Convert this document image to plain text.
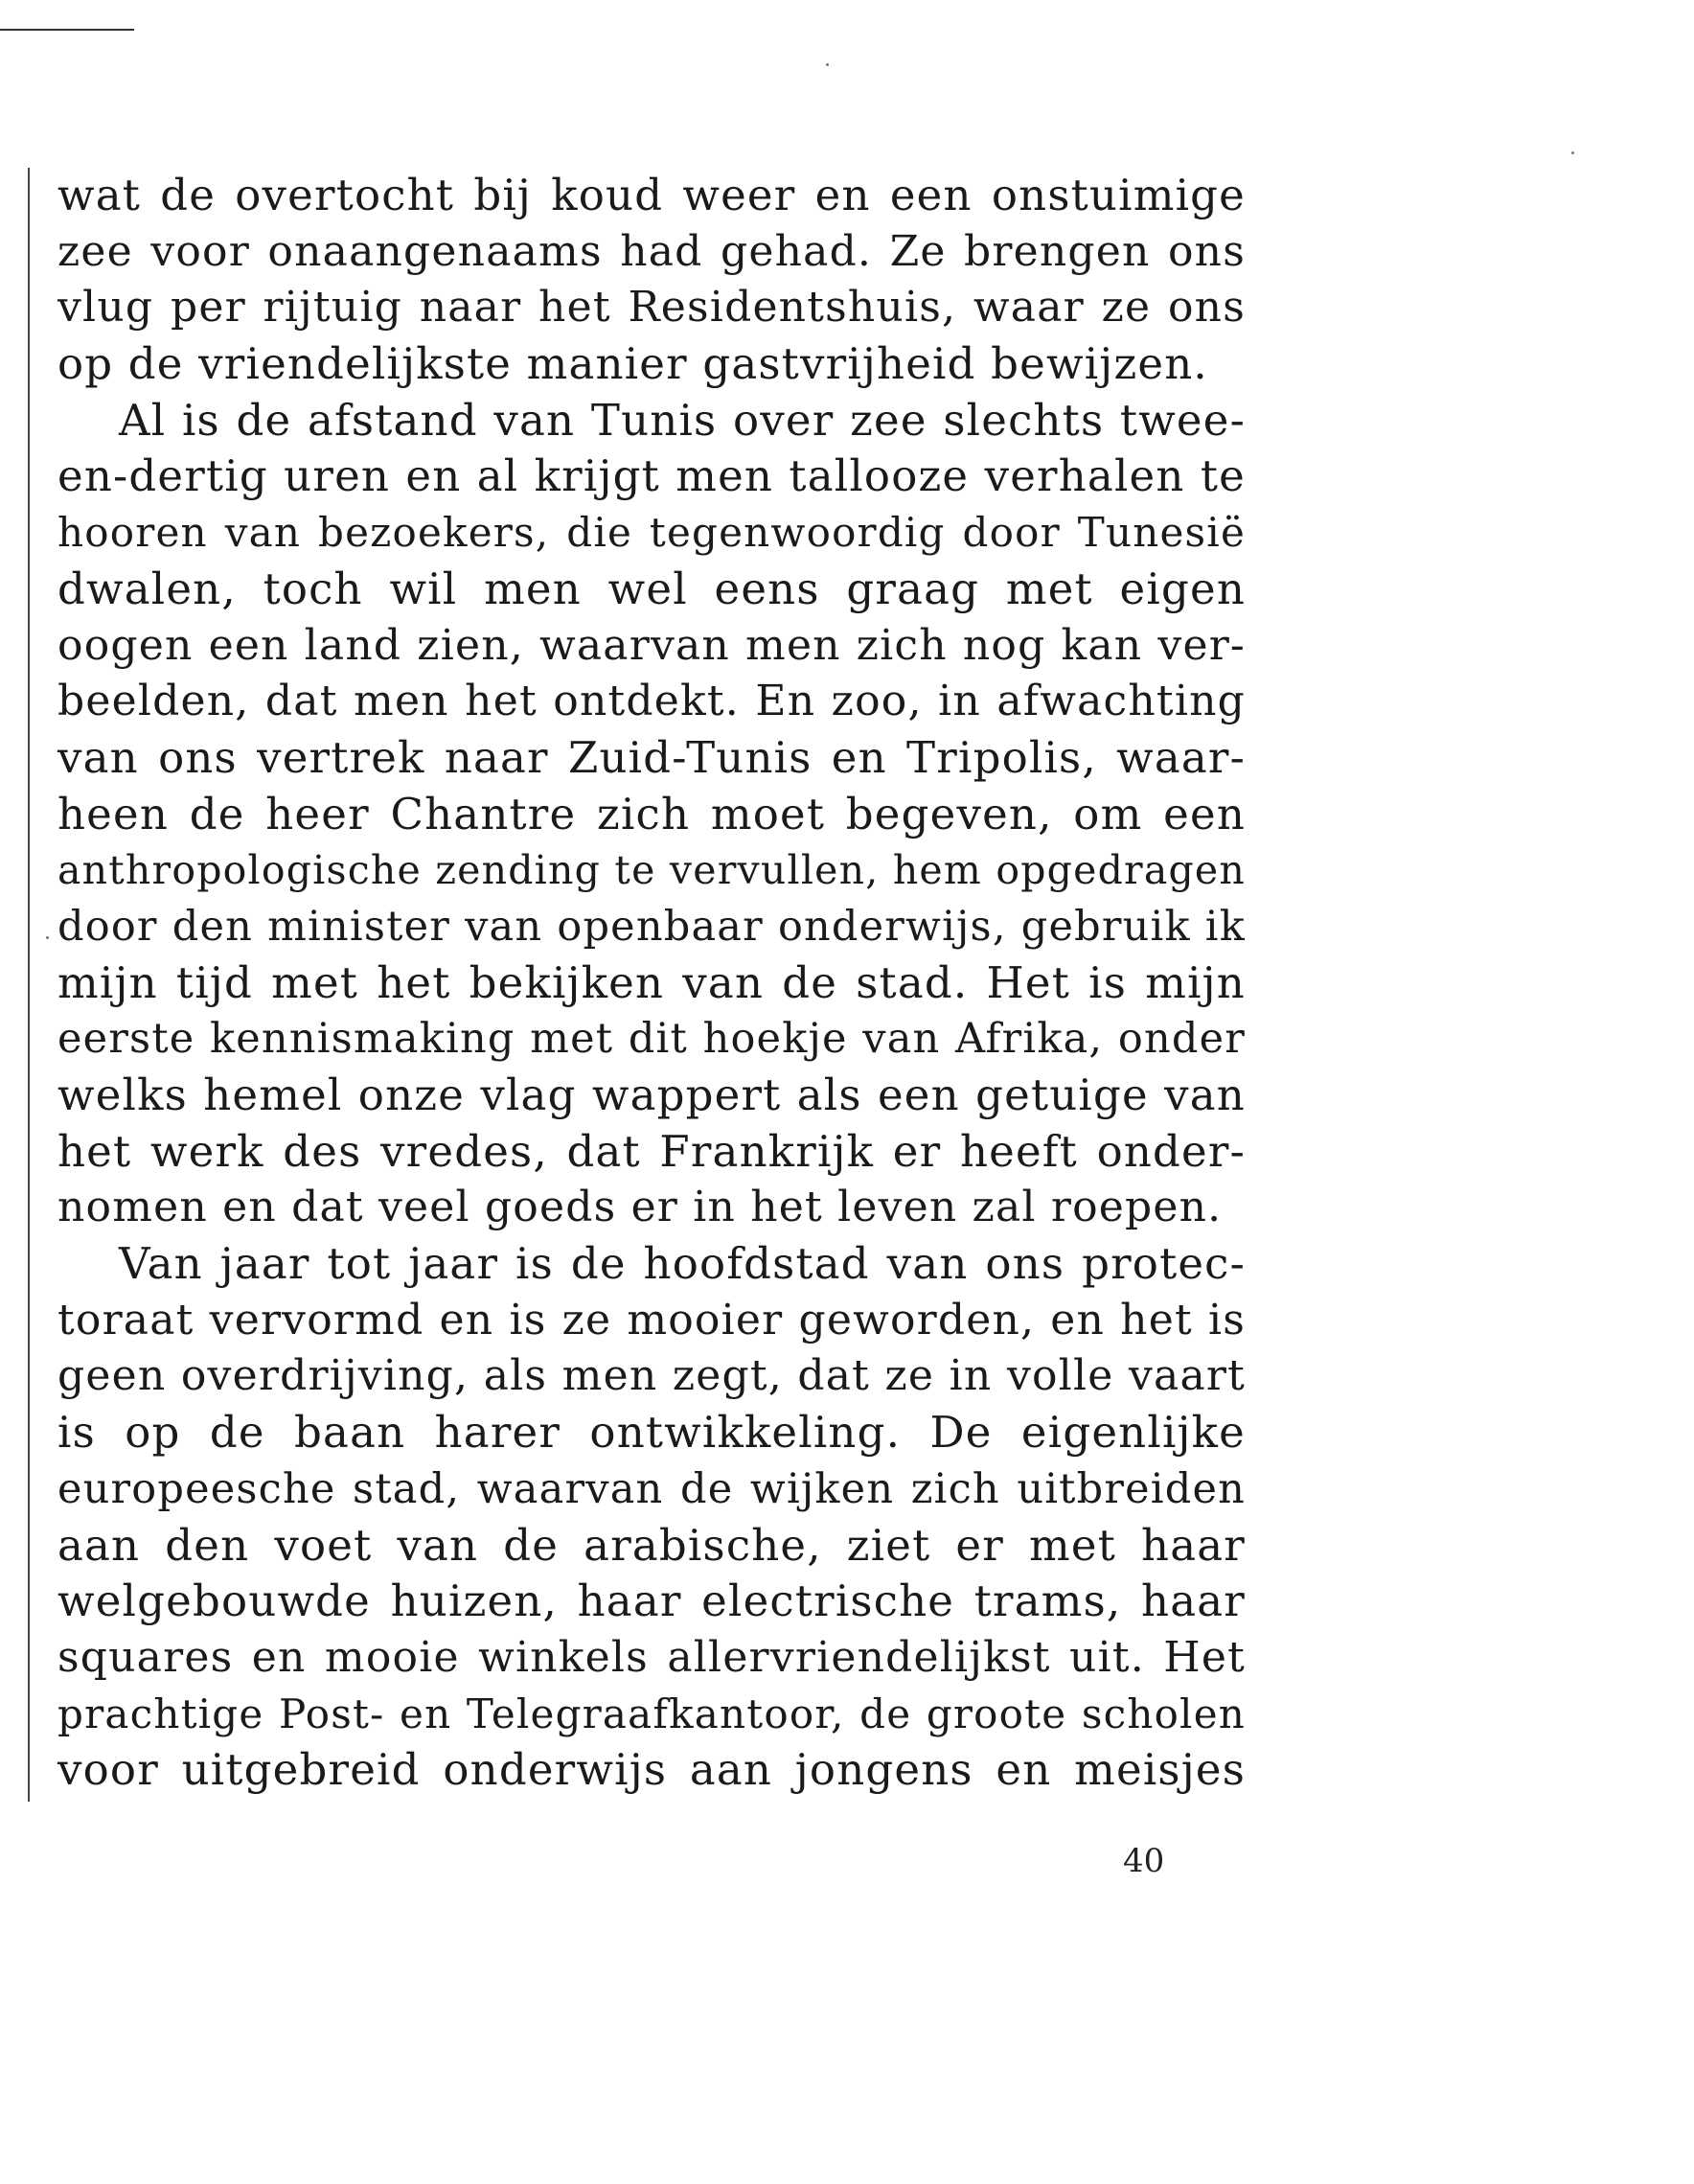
wat de overtocht bij koud weer en een onstuimige
zee voor onaangenaams had gehad. Ze brengen ons
vlug per rijtuig naar het Residentshuis, waar ze ons
op de vriendelijkste manier gastvrijheid bewijzen.
Al is de afstand van Tunis over zee slechts twee-
en-dertig uren en al krijgt men tallooze verhalen te
hooren van bezoekers, die tegenwoordig door Tunesië
dwalen, toch wil men wel eens graag met eigen
oogen een land zien, waarvan men zich nog kan ver-
beelden, dat men het ontdekt. En zoo, in afwachting
van ons vertrek naar Zuid-Tunis en Tripolis, waar-
heen de heer Chantre zich moet begeven, om een
anthropologische zending te vervullen, hem opgedragen
door den minister van openbaar onderwijs, gebruik ik
mijn tijd met het bekijken van de stad. Het is mijn
eerste kennismaking met dit hoekje van Afrika, onder
welks hemel onze vlag wappert als een getuige van
het werk des vredes, dat Frankrijk er heeft onder-
nomen en dat veel goeds er in het leven zal roepen.
Van jaar tot jaar is de hoofdstad van ons protec-
toraat vervormd en is ze mooier geworden, en het is
geen overdrijving, als men zegt, dat ze in volle vaart
is op de baan harer ontwikkeling. De eigenlijke
europeesche stad, waarvan de wijken zich uitbreiden
aan den voet van de arabische, ziet er met haar
welgebouwde huizen, haar electrische trams, haar
squares en mooie winkels allervriendelijkst uit. Het
prachtige Post- en Telegraafkantoor, de groote scholen
voor uitgebreid onderwijs aan jongens en meisjes
40
